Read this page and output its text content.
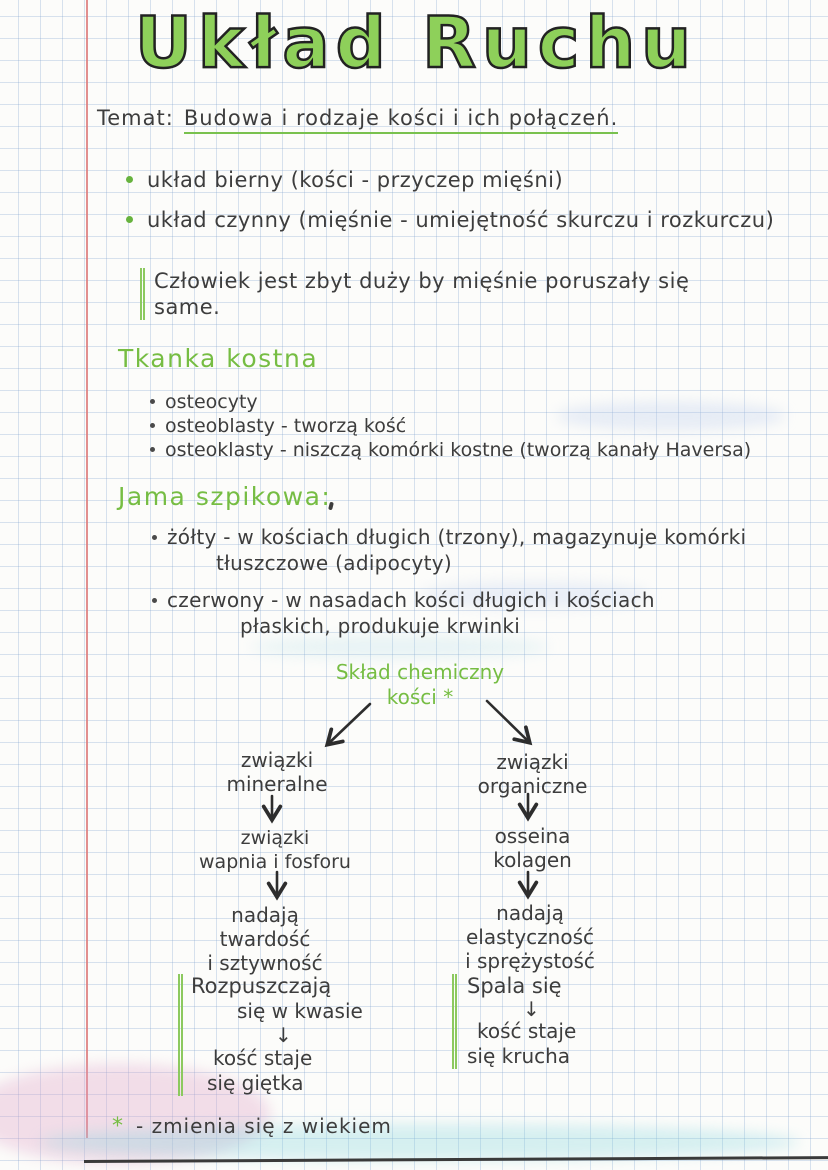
Układ Ruchu
Temat: Budowa i rodzaje kości i ich połączeń.
układ bierny (kości - przyczep mięśni)
układ czynny (mięśnie - umiejętność skurczu i rozkurczu)
Człowiek jest zbyt duży by mięśnie poruszały się
same.
Tkanka kostna
osteocyty
osteoblasty - tworzą kość
osteoklasty - niszczą komórki kostne (tworzą kanały Haversa)
Jama szpikowa:
żółty - w kościach długich (trzony), magazynuje komórki
tłuszczowe (adipocyty)
czerwony - w nasadach kości długich i kościach
płaskich, produkuje krwinki
Skład chemiczny
kości *
związki
mineralne
związki
wapnia i fosforu
nadają
twardość
i sztywność
Rozpuszczają
się w kwasie
↓
kość staje
się giętka
związki
organiczne
osseina
kolagen
nadają
elastyczność
i sprężystość
Spala się
↓
kość staje
się krucha
* - zmienia się z wiekiem
